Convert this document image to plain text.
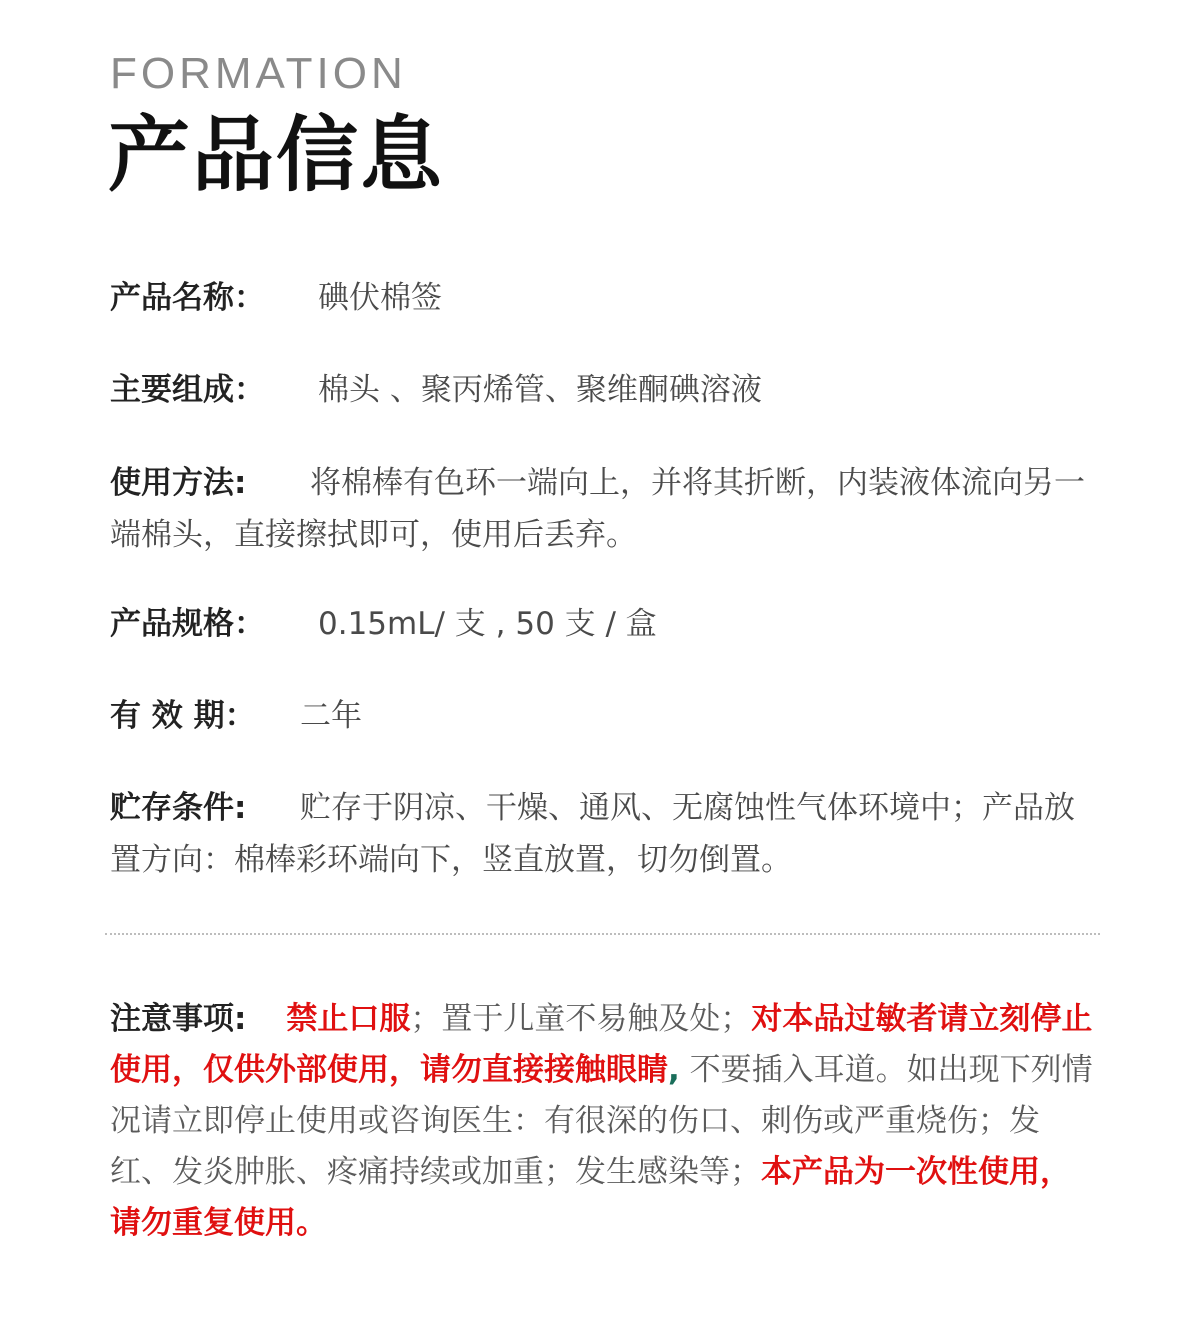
FORMATION
产品信息
产品名称： 碘伏棉签
主要组成： 棉头 、聚丙烯管、聚维酮碘溶液
使用方法: 将棉棒有色环一端向上，并将其折断，内装液体流向另一端棉头，直接擦拭即可，使用后丢弃。
产品规格： 0.15mL/ 支 , 50 支 / 盒
有 效 期： 二年
贮存条件: 贮存于阴凉、干燥、通风、无腐蚀性气体环境中；产品放置方向：棉棒彩环端向下，竖直放置，切勿倒置。
注意事项: 禁止口服；置于儿童不易触及处；对本品过敏者请立刻停止使用，仅供外部使用，请勿直接接触眼睛, 不要插入耳道。如出现下列情况请立即停止使用或咨询医生：有很深的伤口、刺伤或严重烧伤；发红、发炎肿胀、疼痛持续或加重；发生感染等；本产品为一次性使用，请勿重复使用。
